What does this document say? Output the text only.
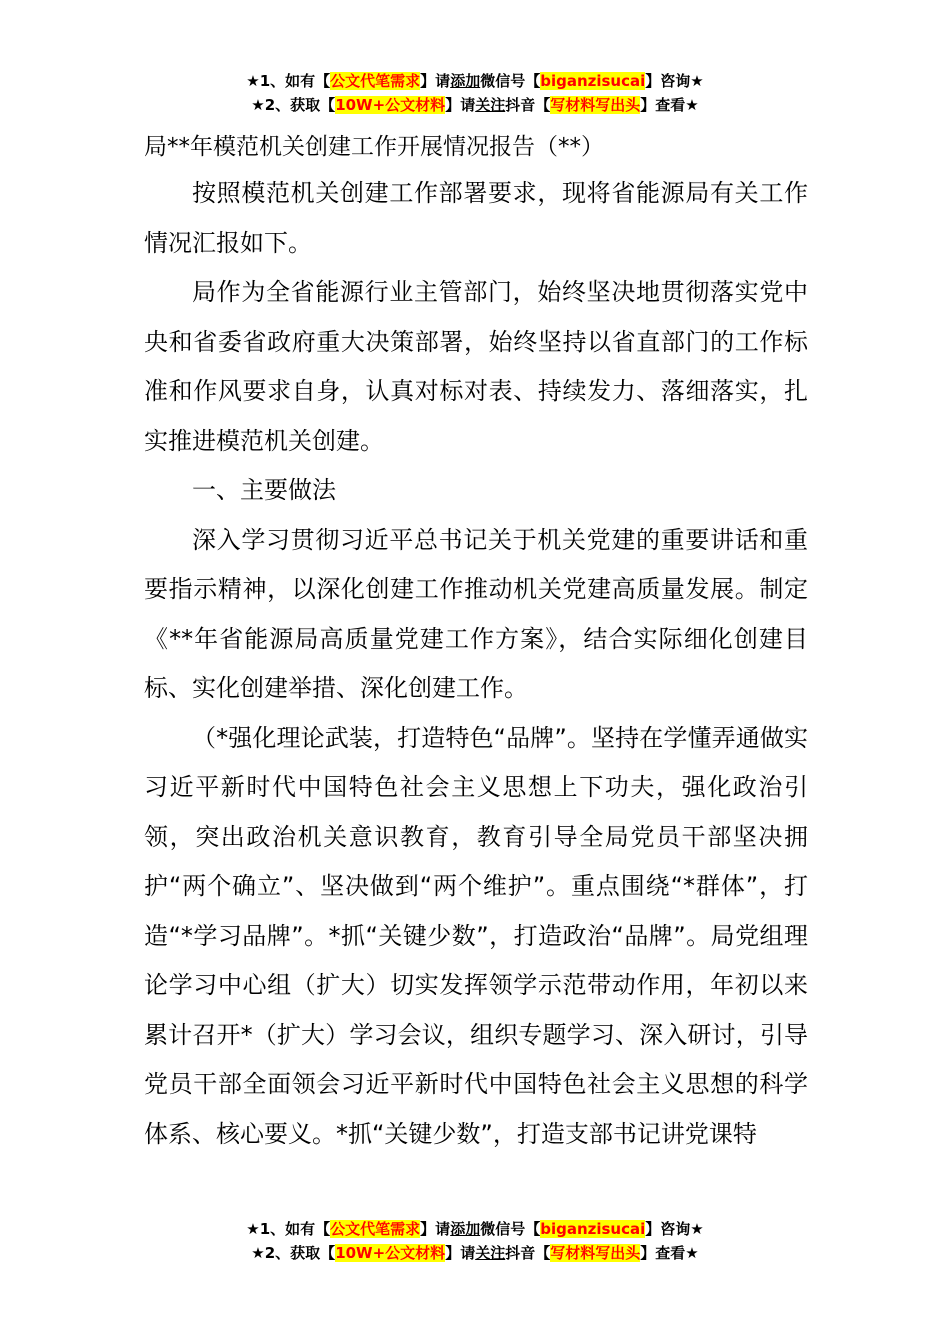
★1、如有【公文代笔需求】请添加微信号【biganzisucai】咨询★
★2、获取【10W+公文材料】请关注抖音【写材料写出头】查看★
局**年模范机关创建工作开展情况报告（**）

按照模范机关创建工作部署要求，现将省能源局有关工作情况汇报如下。

局作为全省能源行业主管部门，始终坚决地贯彻落实党中央和省委省政府重大决策部署，始终坚持以省直部门的工作标准和作风要求自身，认真对标对表、持续发力、落细落实，扎实推进模范机关创建。

一、主要做法

深入学习贯彻习近平总书记关于机关党建的重要讲话和重要指示精神，以深化创建工作推动机关党建高质量发展。制定《**年省能源局高质量党建工作方案》，结合实际细化创建目标、实化创建举措、深化创建工作。

（*强化理论武装，打造特色“品牌”。坚持在学懂弄通做实习近平新时代中国特色社会主义思想上下功夫，强化政治引领，突出政治机关意识教育，教育引导全局党员干部坚决拥护“两个确立”、坚决做到“两个维护”。重点围绕“*群体”，打造“*学习品牌”。*抓“关键少数”，打造政治“品牌”。局党组理论学习中心组（扩大）切实发挥领学示范带动作用，年初以来累计召开*（扩大）学习会议，组织专题学习、深入研讨，引导党员干部全面领会习近平新时代中国特色社会主义思想的科学体系、核心要义。*抓“关键少数”，打造支部书记讲党课特

★1、如有【公文代笔需求】请添加微信号【biganzisucai】咨询★
★2、获取【10W+公文材料】请关注抖音【写材料写出头】查看★
